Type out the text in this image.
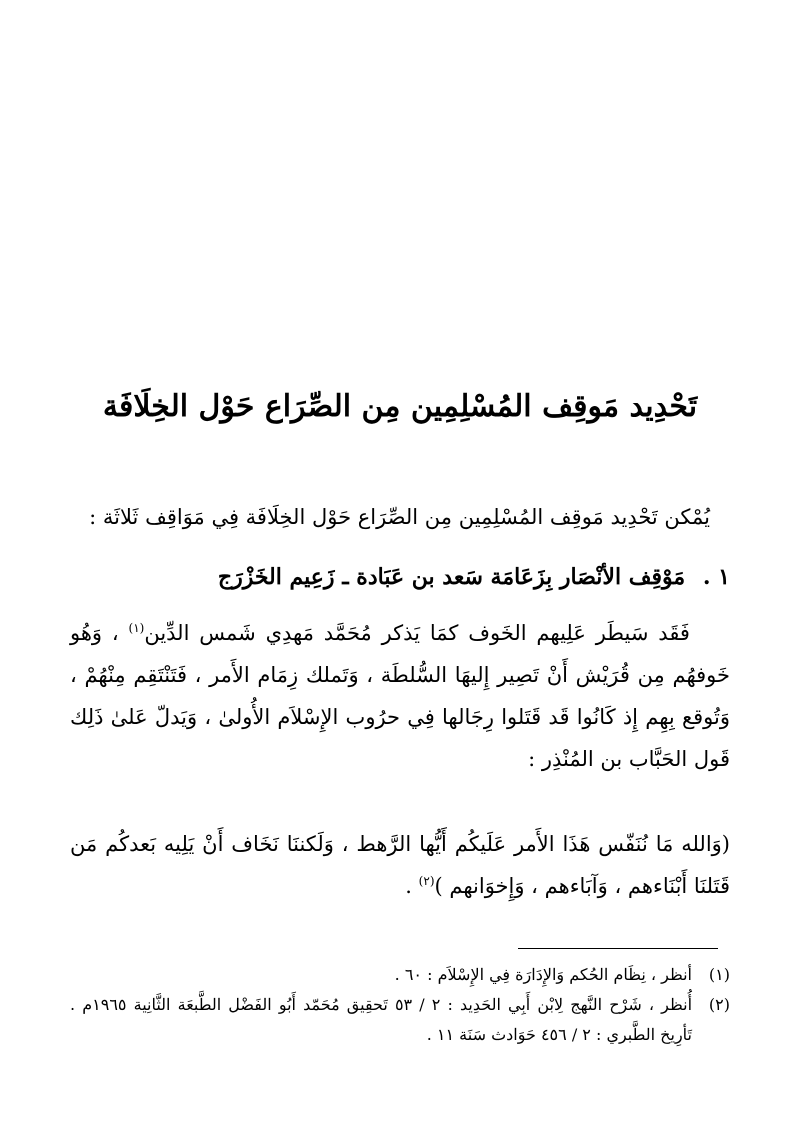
تَحْدِيد مَوقِف المُسْلِمِين مِن الصِّرَاع حَوْل الخِلَافَة

يُمْكن تَحْدِيد مَوقِف المُسْلِمِين مِن الصِّرَاع حَوْل الخِلَافَة فِي مَوَاقِف ثَلاثَة :

١ . مَوْقِف الأنْصَار بِزَعَامَة سَعد بن عَبَادة ـ زَعِيم الخَزْرَج

فَقَد سَيطَر عَلِيهم الخَوف كمَا يَذكر مُحَمَّد مَهدِي شَمس الدِّين$^{(١)}$ ، وَهُو خَوفهُم مِن قُرَيْش أَنْ تَصِير إِليهَا السُّلطَة ، وَتَملك زِمَام الأَمر ، فَتَنْتَقِم مِنْهُمْ ، وَتُوقع بِهِم إِذ كَانُوا قَد قَتَلوا رِجَالها فِي حرُوب الإِسْلاَم الأُولىٰ ، وَيَدلّ عَلىٰ ذَلِك قَول الحَبَّاب بن المُنْذِر :

(وَالله مَا نُنَفّس هَذَا الأَمر عَلَيكُم أَيُّها الرَّهط ، وَلَكننَا نَخَاف أَنْ يَلِيه بَعدكُم مَن قَتَلنَا أَبْنَاءهم ، وَآبَاءهم ، وَإِخوَانهم )$^{(٢)}$ .

(١)
أنظر ، نِظَام الحُكم وَالإِدَارَة فِي الإِسْلاَم : ٦٠ .
(٢)
أُنظر ، شَرْح النَّهج لِابْن أَبِي الحَدِيد : ٢ / ٥٣ تَحقِيق مُحَمّد أَبُو الفَضْل الطَّبعَة الثَّانِية ١٩٦٥م . تَأرِيخ الطَّبري : ٢ / ٤٥٦ حَوَادث سَنَة ١١ .
